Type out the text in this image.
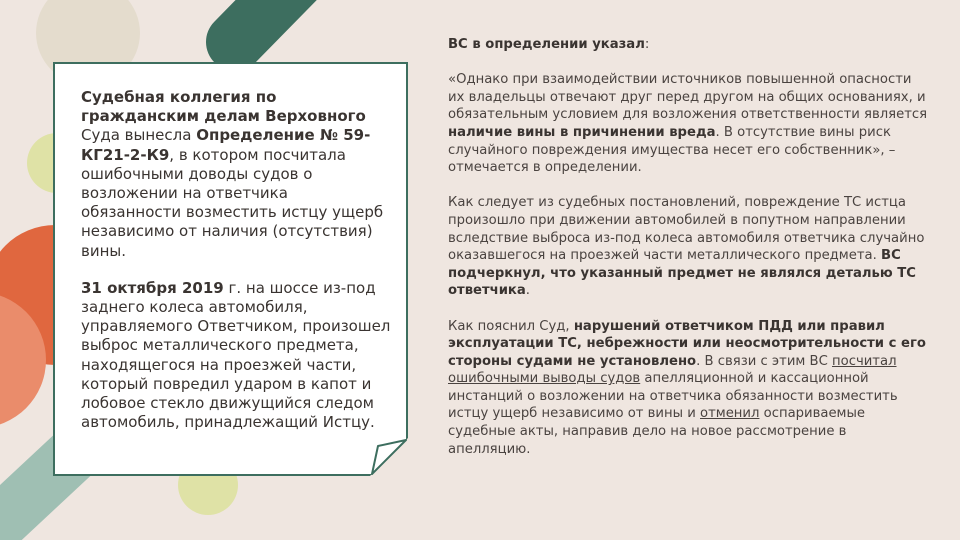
Судебная коллегия по гражданским делам Верховного Суда вынесла Определение № 59-КГ21-2-К9, в котором посчитала ошибочными доводы судов о возложении на ответчика обязанности возместить истцу ущерб независимо от наличия (отсутствия) вины.

31 октября 2019 г. на шоссе из-под заднего колеса автомобиля, управляемого Ответчиком, произошел выброс металлического предмета, находящегося на проезжей части, который повредил ударом в капот и лобовое стекло движущийся следом автомобиль, принадлежащий Истцу.

ВС в определении указал:

«Однако при взаимодействии источников повышенной опасности их владельцы отвечают друг перед другом на общих основаниях, и обязательным условием для возложения ответственности является наличие вины в причинении вреда. В отсутствие вины риск случайного повреждения имущества несет его собственник», – отмечается в определении.

Как следует из судебных постановлений, повреждение ТС истца произошло при движении автомобилей в попутном направлении вследствие выброса из-под колеса автомобиля ответчика случайно оказавшегося на проезжей части металлического предмета. ВС подчеркнул, что указанный предмет не являлся деталью ТС ответчика.

Как пояснил Суд, нарушений ответчиком ПДД или правил эксплуатации ТС, небрежности или неосмотрительности с его стороны судами не установлено. В связи с этим ВС посчитал ошибочными выводы судов апелляционной и кассационной инстанций о возложении на ответчика обязанности возместить истцу ущерб независимо от вины и отменил оспариваемые судебные акты, направив дело на новое рассмотрение в апелляцию.
